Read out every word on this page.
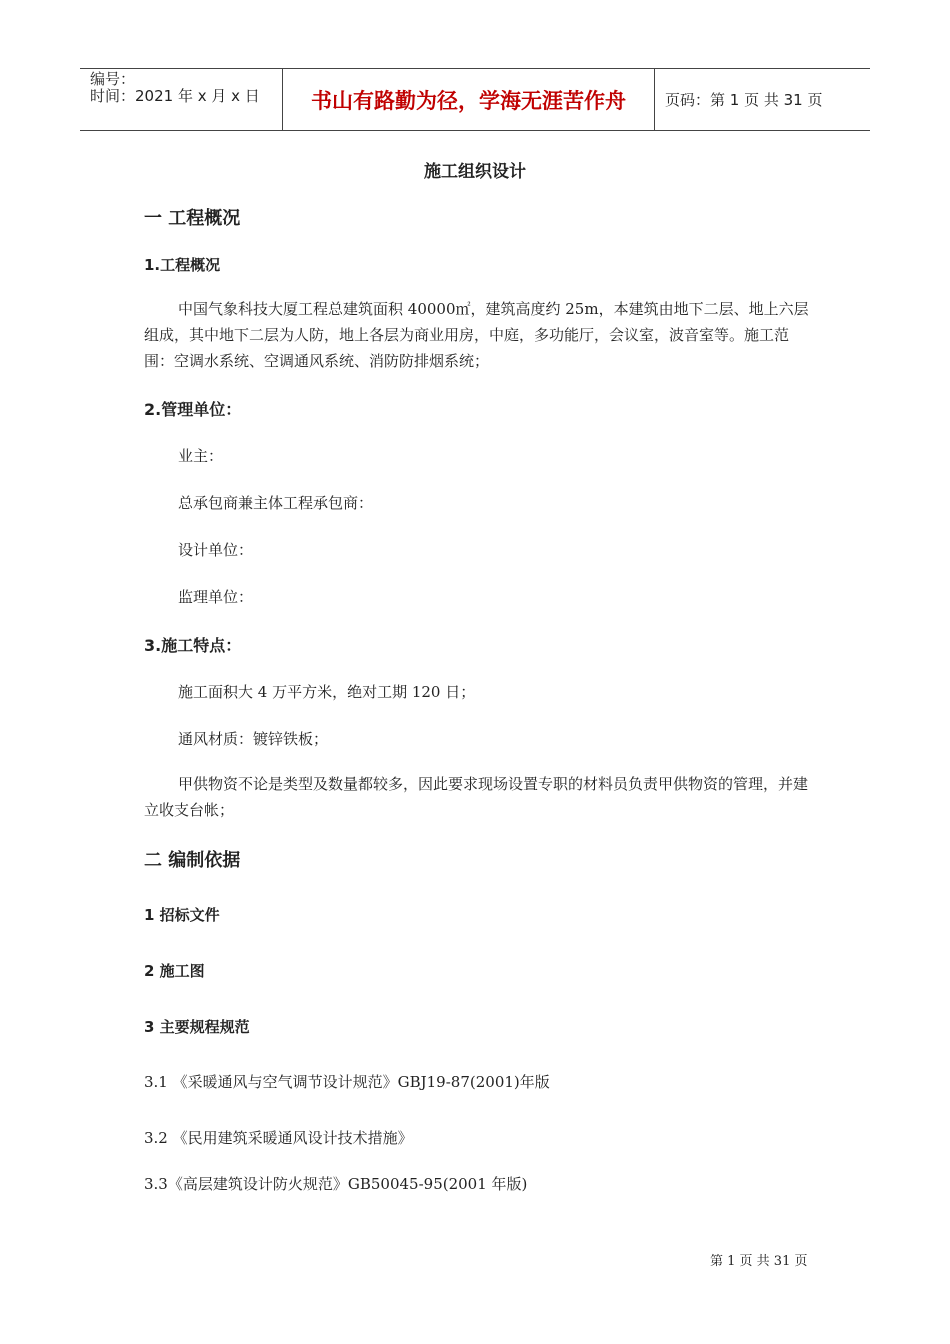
编号：
时间：2021 年 x 月 x 日	书山有路勤为径，学海无涯苦作舟	页码：第 1 页 共 31 页
施工组织设计
一 工程概况
1.工程概况
中国气象科技大厦工程总建筑面积 40000㎡，建筑高度约 25m，本建筑由地下二层、地上六层组成，其中地下二层为人防，地上各层为商业用房，中庭，多功能厅，会议室，波音室等。施工范围：空调水系统、空调通风系统、消防防排烟系统；
2.管理单位：
业主：
总承包商兼主体工程承包商：
设计单位：
监理单位：
3.施工特点：
施工面积大 4 万平方米，绝对工期 120 日；
通风材质：镀锌铁板；
甲供物资不论是类型及数量都较多，因此要求现场设置专职的材料员负责甲供物资的管理，并建立收支台帐；
二 编制依据
1 招标文件
2 施工图
3 主要规程规范
3.1 《采暖通风与空气调节设计规范》GBJ19-87(2001)年版
3.2 《民用建筑采暖通风设计技术措施》
3.3《高层建筑设计防火规范》GB50045-95(2001 年版)
第 1 页 共 31 页
